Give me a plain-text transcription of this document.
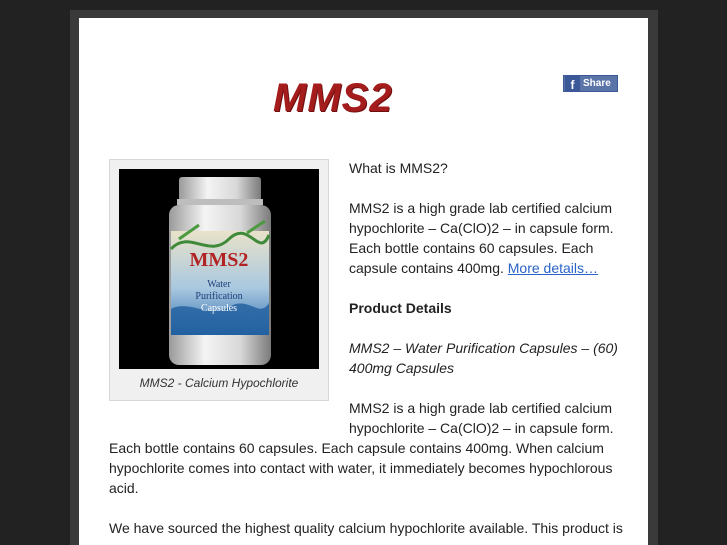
MMS2	f Share
MMS2
Water
Purification
Capsules
MMS2 - Calcium Hypochlorite
What is MMS2?
MMS2 is a high grade lab certified calcium
hypochlorite – Ca(ClO)2 – in capsule form.
Each bottle contains 60 capsules. Each
capsule contains 400mg. More details…
Product Details
MMS2 – Water Purification Capsules – (60)
400mg Capsules
MMS2 is a high grade lab certified calcium
hypochlorite – Ca(ClO)2 – in capsule form.
Each bottle contains 60 capsules. Each capsule contains 400mg. When calcium
hypochlorite comes into contact with water, it immediately becomes hypochlorous
acid.
We have sourced the highest quality calcium hypochlorite available. This product is
